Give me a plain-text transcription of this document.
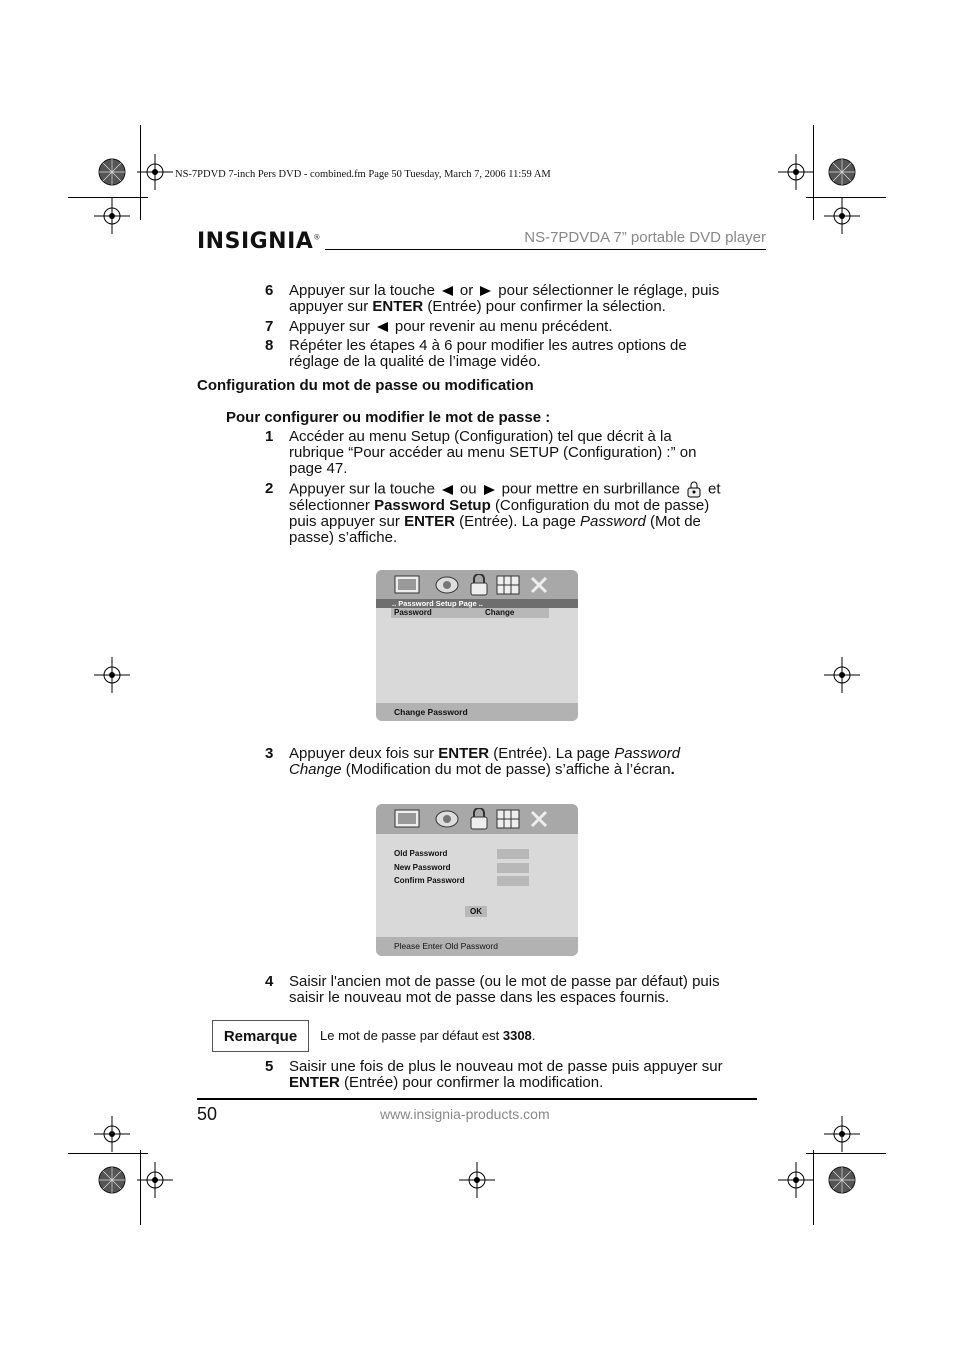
NS-7PDVD 7-inch Pers DVD - combined.fm Page 50 Tuesday, March 7, 2006 11:59 AM
INSIGNIA®	NS-7PDVDA 7” portable DVD player
6 Appuyer sur la touche or pour sélectionner le réglage, puis
appuyer sur ENTER (Entrée) pour confirmer la sélection.
7 Appuyer sur pour revenir au menu précédent.
8 Répéter les étapes 4 à 6 pour modifier les autres options de
réglage de la qualité de l’image vidéo.
Configuration du mot de passe ou modification
Pour configurer ou modifier le mot de passe :
1 Accéder au menu Setup (Configuration) tel que décrit à la
rubrique “Pour accéder au menu SETUP (Configuration) :” on
page 47.
2 Appuyer sur la touche ou pour mettre en surbrillance et
sélectionner Password Setup (Configuration du mot de passe)
puis appuyer sur ENTER (Entrée). La page Password (Mot de
passe) s’affiche.
.. Password Setup Page ..
Password	Change
Change Password
3 Appuyer deux fois sur ENTER (Entrée). La page Password
Change (Modification du mot de passe) s’affiche à l’écran.
Old Password
New Password
Confirm Password
OK
Please Enter Old Password
4 Saisir l'ancien mot de passe (ou le mot de passe par défaut) puis
saisir le nouveau mot de passe dans les espaces fournis.
Remarque	Le mot de passe par défaut est 3308.
5 Saisir une fois de plus le nouveau mot de passe puis appuyer sur
ENTER (Entrée) pour confirmer la modification.
50	www.insignia-products.com
